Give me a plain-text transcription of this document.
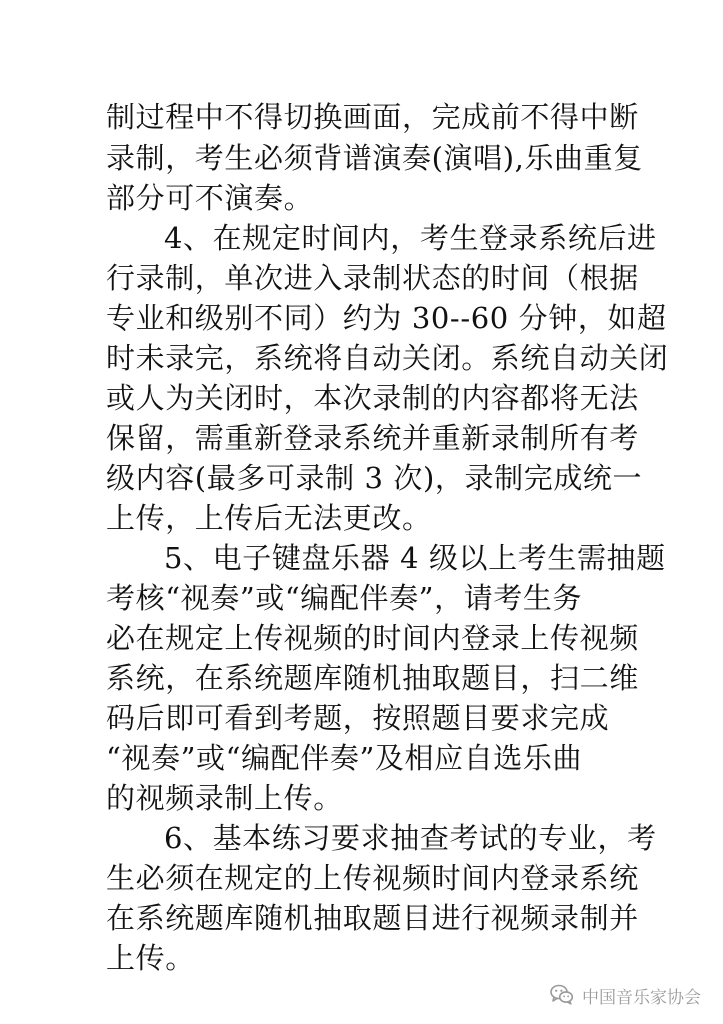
制过程中不得切换画面，完成前不得中断
录制，考生必须背谱演奏(演唱),乐曲重复
部分可不演奏。
4、在规定时间内，考生登录系统后进
行录制，单次进入录制状态的时间（根据
专业和级别不同）约为 30--60 分钟，如超
时未录完，系统将自动关闭。系统自动关闭
或人为关闭时，本次录制的内容都将无法
保留，需重新登录系统并重新录制所有考
级内容(最多可录制 3 次)，录制完成统一
上传，上传后无法更改。
5、电子键盘乐器 4 级以上考生需抽题
考核“视奏”或“编配伴奏”，请考生务
必在规定上传视频的时间内登录上传视频
系统，在系统题库随机抽取题目，扫二维
码后即可看到考题，按照题目要求完成
“视奏”或“编配伴奏”及相应自选乐曲
的视频录制上传。
6、基本练习要求抽查考试的专业，考
生必须在规定的上传视频时间内登录系统
在系统题库随机抽取题目进行视频录制并
上传。
中国音乐家协会
